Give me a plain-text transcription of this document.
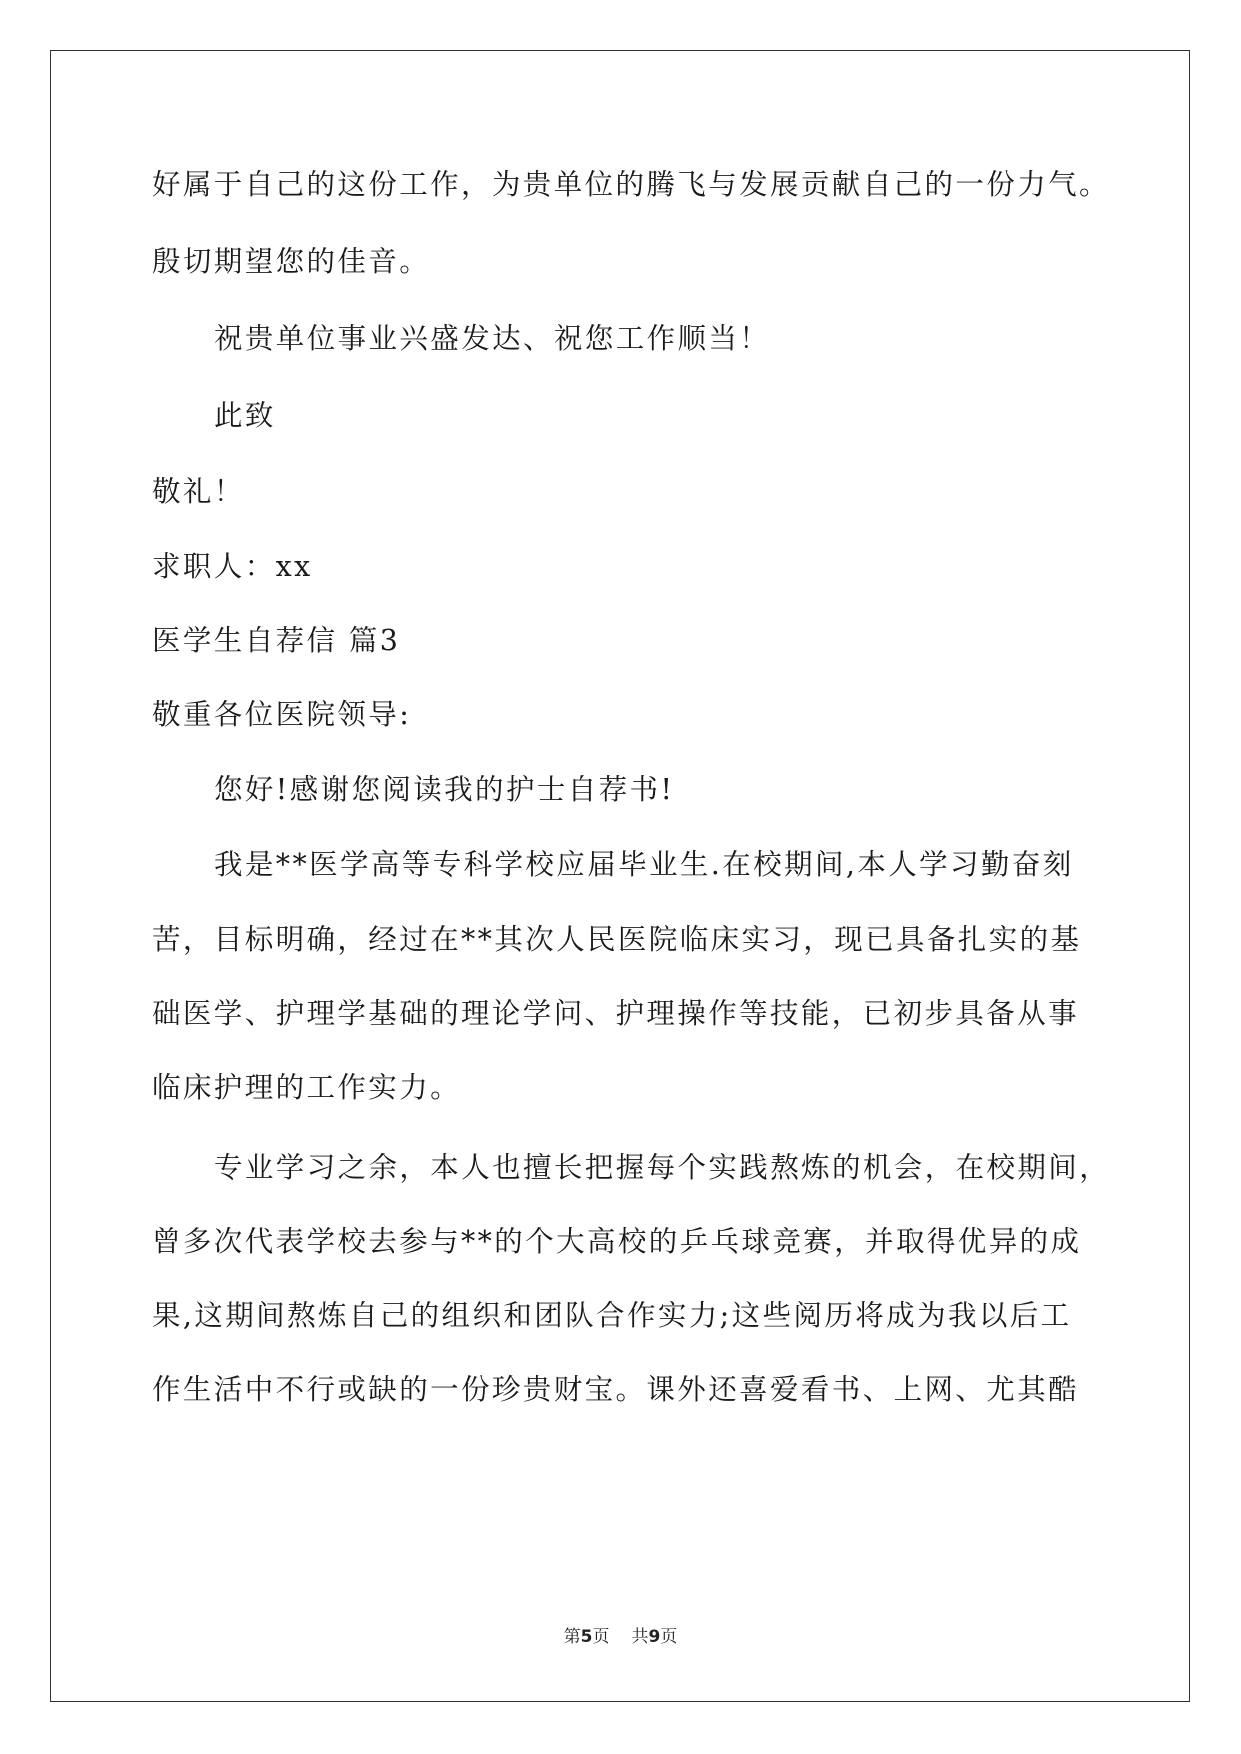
好属于自己的这份工作，为贵单位的腾飞与发展贡献自己的一份力气。
殷切期望您的佳音。
祝贵单位事业兴盛发达、祝您工作顺当！
此致
敬礼！
求职人：xx
医学生自荐信 篇3
敬重各位医院领导:
您好!感谢您阅读我的护士自荐书!
我是**医学高等专科学校应届毕业生.在校期间,本人学习勤奋刻
苦，目标明确，经过在**其次人民医院临床实习，现已具备扎实的基
础医学、护理学基础的理论学问、护理操作等技能，已初步具备从事
临床护理的工作实力。
专业学习之余，本人也擅长把握每个实践熬炼的机会，在校期间，
曾多次代表学校去参与**的个大高校的乒乓球竞赛，并取得优异的成
果,这期间熬炼自己的组织和团队合作实力;这些阅历将成为我以后工
作生活中不行或缺的一份珍贵财宝。课外还喜爱看书、上网、尤其酷
第5页 共9页
